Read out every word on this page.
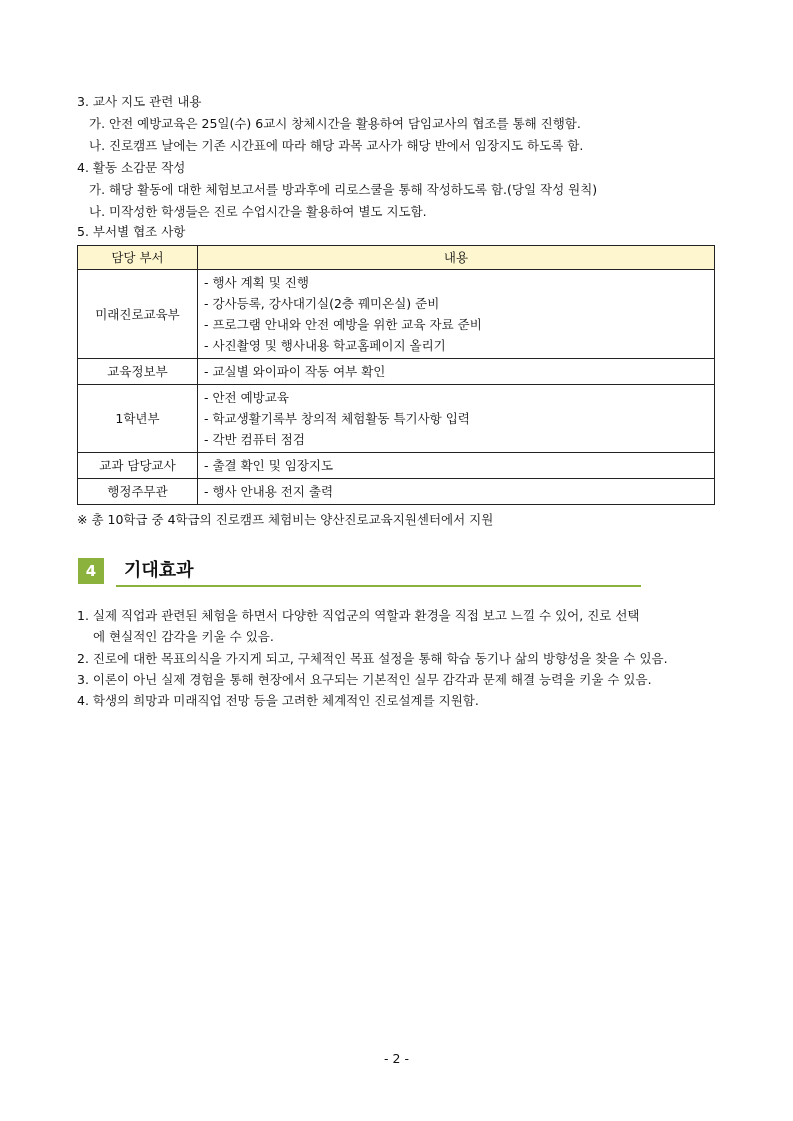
3. 교사 지도 관련 내용
가. 안전 예방교육은 25일(수) 6교시 창체시간을 활용하여 담임교사의 협조를 통해 진행함.
나. 진로캠프 날에는 기존 시간표에 따라 해당 과목 교사가 해당 반에서 임장지도 하도록 함.
4. 활동 소감문 작성
가. 해당 활동에 대한 체험보고서를 방과후에 리로스쿨을 통해 작성하도록 함.(당일 작성 원칙)
나. 미작성한 학생들은 진로 수업시간을 활용하여 별도 지도함.
5. 부서별 협조 사항
담당 부서	내용
미래진로교육부	- 행사 계획 및 진행
- 강사등록, 강사대기실(2층 꿰미온실) 준비
- 프로그램 안내와 안전 예방을 위한 교육 자료 준비
- 사진촬영 및 행사내용 학교홈페이지 올리기

교육정보부	- 교실별 와이파이 작동 여부 확인

1학년부	- 안전 예방교육
- 학교생활기록부 창의적 체험활동 특기사항 입력
- 각반 컴퓨터 점검

교과 담당교사	- 출결 확인 및 임장지도

행정주무관	- 행사 안내용 전지 출력
※ 총 10학급 중 4학급의 진로캠프 체험비는 양산진로교육지원센터에서 지원
4	기대효과
1. 실제 직업과 관련된 체험을 하면서 다양한 직업군의 역할과 환경을 직접 보고 느낄 수 있어, 진로 선택
에 현실적인 감각을 키울 수 있음.
2. 진로에 대한 목표의식을 가지게 되고, 구체적인 목표 설정을 통해 학습 동기나 삶의 방향성을 찾을 수 있음.
3. 이론이 아닌 실제 경험을 통해 현장에서 요구되는 기본적인 실무 감각과 문제 해결 능력을 키울 수 있음.
4. 학생의 희망과 미래직업 전망 등을 고려한 체계적인 진로설계를 지원함.
- 2 -
